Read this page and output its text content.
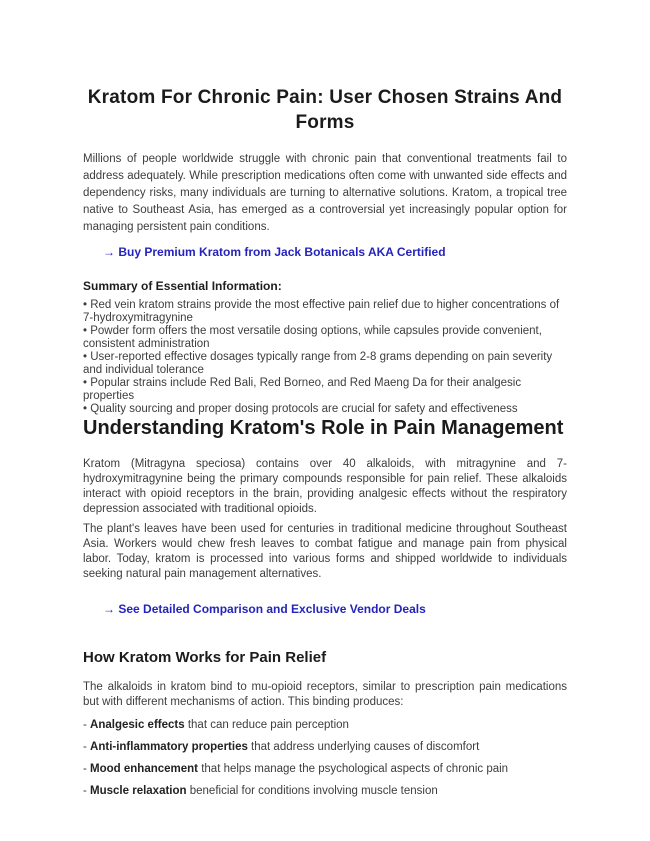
Kratom For Chronic Pain: User Chosen Strains And
Forms

Millions of people worldwide struggle with chronic pain that conventional treatments fail to address adequately. While prescription medications often come with unwanted side effects and dependency risks, many individuals are turning to alternative solutions. Kratom, a tropical tree native to Southeast Asia, has emerged as a controversial yet increasingly popular option for managing persistent pain conditions.

→ Buy Premium Kratom from Jack Botanicals AKA Certified

Summary of Essential Information:

• Red vein kratom strains provide the most effective pain relief due to higher concentrations of 7-hydroxymitragynine

• Powder form offers the most versatile dosing options, while capsules provide convenient, consistent administration

• User-reported effective dosages typically range from 2-8 grams depending on pain severity and individual tolerance

• Popular strains include Red Bali, Red Borneo, and Red Maeng Da for their analgesic properties

• Quality sourcing and proper dosing protocols are crucial for safety and effectiveness

Understanding Kratom's Role in Pain Management

Kratom (Mitragyna speciosa) contains over 40 alkaloids, with mitragynine and 7-hydroxymitragynine being the primary compounds responsible for pain relief. These alkaloids interact with opioid receptors in the brain, providing analgesic effects without the respiratory depression associated with traditional opioids.

The plant's leaves have been used for centuries in traditional medicine throughout Southeast Asia. Workers would chew fresh leaves to combat fatigue and manage pain from physical labor. Today, kratom is processed into various forms and shipped worldwide to individuals seeking natural pain management alternatives.

→ See Detailed Comparison and Exclusive Vendor Deals
How Kratom Works for Pain Relief

The alkaloids in kratom bind to mu-opioid receptors, similar to prescription pain medications but with different mechanisms of action. This binding produces:

- Analgesic effects that can reduce pain perception

- Anti-inflammatory properties that address underlying causes of discomfort

- Mood enhancement that helps manage the psychological aspects of chronic pain

- Muscle relaxation beneficial for conditions involving muscle tension
